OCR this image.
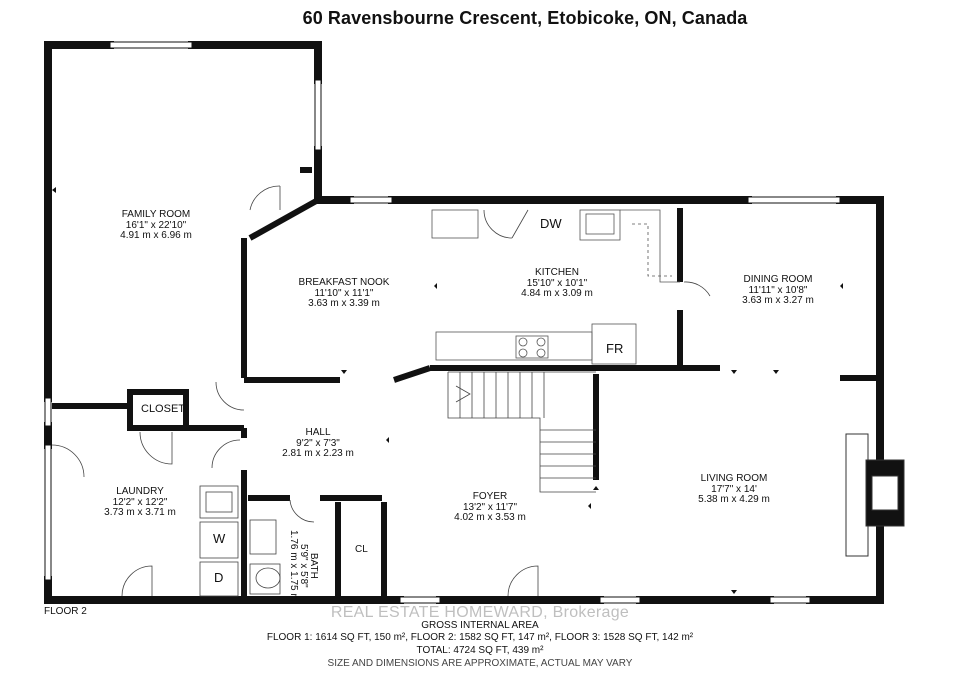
60 Ravensbourne Crescent, Etobicoke, ON, Canada
FAMILY ROOM
16'1" x 22'10"
4.91 m x 6.96 m
BREAKFAST NOOK
11'10" x 11'1"
3.63 m x 3.39 m
KITCHEN
15'10" x 10'1"
4.84 m x 3.09 m
DINING ROOM
11'11" x 10'8"
3.63 m x 3.27 m
HALL
9'2" x 7'3"
2.81 m x 2.23 m
LAUNDRY
12'2" x 12'2"
3.73 m x 3.71 m
FOYER
13'2" x 11'7"
4.02 m x 3.53 m
LIVING ROOM
17'7" x 14'
5.38 m x 4.29 m
BATH
5'9" x 5'8"
1.76 m x 1.75 m
CLOSET
DW
FR
W
D
CL
FLOOR 2	REAL ESTATE HOMEWARD, Brokerage
GROSS INTERNAL AREA
FLOOR 1: 1614 SQ FT, 150 m², FLOOR 2: 1582 SQ FT, 147 m², FLOOR 3: 1528 SQ FT, 142 m²
TOTAL: 4724 SQ FT, 439 m²
SIZE AND DIMENSIONS ARE APPROXIMATE, ACTUAL MAY VARY
